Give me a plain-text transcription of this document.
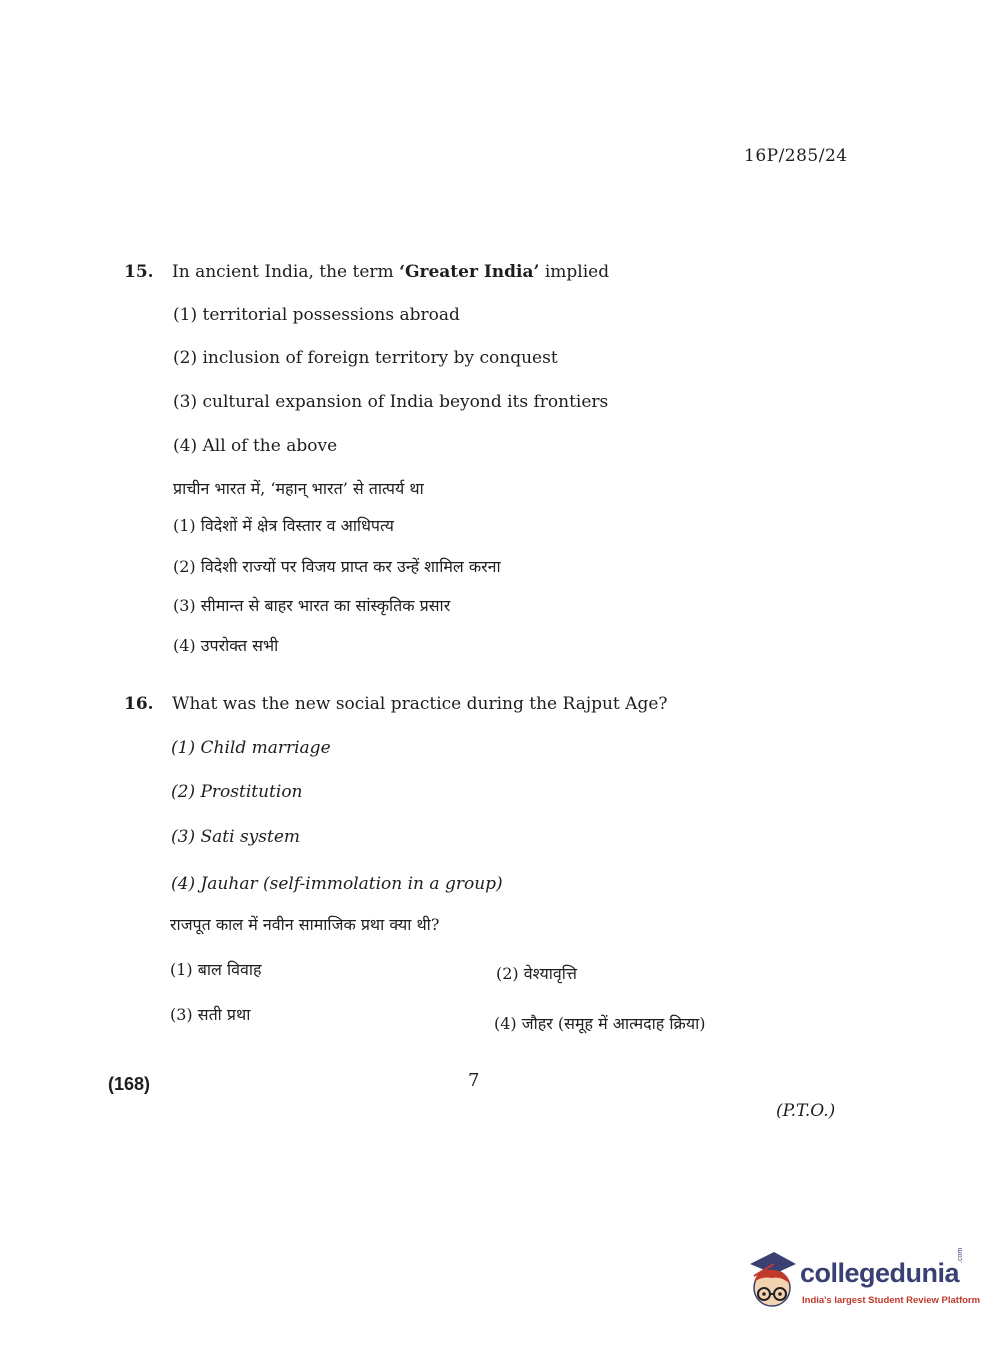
16P/285/24
15. In ancient India, the term ‘Greater India’ implied
(1) territorial possessions abroad
(2) inclusion of foreign territory by conquest
(3) cultural expansion of India beyond its frontiers
(4) All of the above
प्राचीन भारत में, ‘महान् भारत’ से तात्पर्य था
(1) विदेशों में क्षेत्र विस्तार व आधिपत्य
(2) विदेशी राज्यों पर विजय प्राप्त कर उन्हें शामिल करना
(3) सीमान्त से बाहर भारत का सांस्कृतिक प्रसार
(4) उपरोक्त सभी
16. What was the new social practice during the Rajput Age?
(1) Child marriage
(2) Prostitution
(3) Sati system
(4) Jauhar (self-immolation in a group)
राजपूत काल में नवीन सामाजिक प्रथा क्या थी?
(1) बाल विवाह	(2) वेश्यावृत्ति
(3) सती प्रथा	(4) जौहर (समूह में आत्मदाह क्रिया)
(168)	7
(P.T.O.)
collegedunia
.com
India's largest Student Review Platform
